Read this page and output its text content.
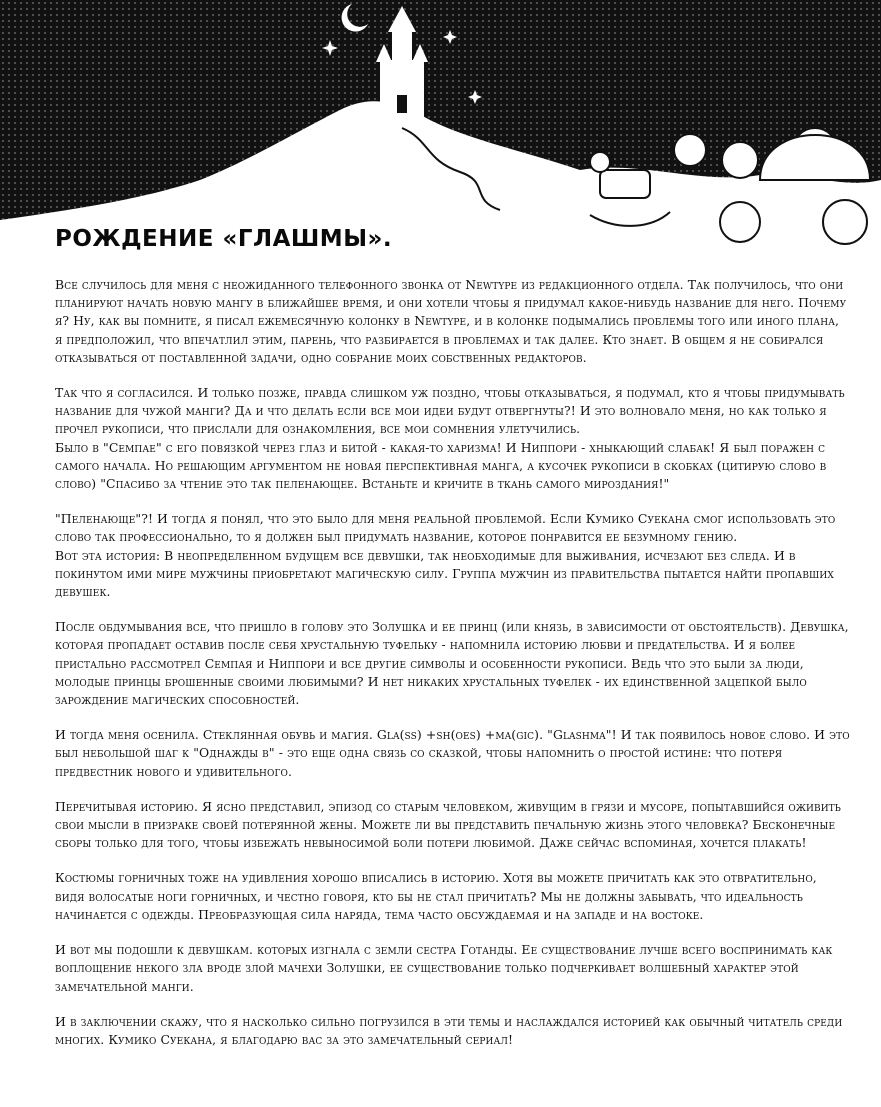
РОЖДЕНИЕ «ГЛАШМЫ».

Все случилось для меня с неожиданного телефонного звонка от Newtype из редакционного отдела. Так получилось, что они планируют начать новую мангу в ближайшее время, и они хотели чтобы я придумал какое-нибудь название для него. Почему я? Ну, как вы помните, я писал ежемесячную колонку в Newtype, и в колонке подымались проблемы того или иного плана, я предположил, что впечатлил этим, парень, что разбирается в проблемах и так далее. Кто знает. В общем я не собирался отказываться от поставленной задачи, одно собрание моих собственных редакторов.

Так что я согласился. И только позже, правда слишком уж поздно, чтобы отказываться, я подумал, кто я чтобы придумывать название для чужой манги? Да и что делать если все мои идеи будут отвергнуты?! И это волновало меня, но как только я прочел рукописи, что прислали для ознакомления, все мои сомнения улетучились.
Было в "Семпае" с его повязкой через глаз и битой - какая-то харизма! И Ниппори - хныкающий слабак! Я был поражен с самого начала. Но решающим аргументом не новая перспективная манга, а кусочек рукописи в скобках (цитирую слово в слово) "Спасибо за чтение это так пеленающее. Встаньте и кричите в ткань самого мироздания!"

"Пеленающе"?! И тогда я понял, что это было для меня реальной проблемой. Если Кумико Суекана смог использовать это слово так профессионально, то я должен был придумать название, которое понравится ее безумному гению.
Вот эта история: В неопределенном будущем все девушки, так необходимые для выживания, исчезают без следа. И в покинутом ими мире мужчины приобретают магическую силу. Группа мужчин из правительства пытается найти пропавших девушек.

После обдумывания все, что пришло в голову это Золушка и ее принц (или князь, в зависимости от обстоятельств). Девушка, которая пропадает оставив после себя хрустальную туфельку - напомнила историю любви и предательства. И я более пристально рассмотрел Семпая и Ниппори и все другие символы и особенности рукописи. Ведь что это были за люди, молодые принцы брошенные своими любимыми? И нет никаких хрустальных туфелек - их единственной зацепкой было зарождение магических способностей.

И тогда меня осенила. Стеклянная обувь и магия. Gla(ss) +sh(oes) +ma(gic). "Glashma"! И так появилось новое слово. И это был небольшой шаг к "Однажды в" - это еще одна связь со сказкой, чтобы напомнить о простой истине: что потеря предвестник нового и удивительного.

Перечитывая историю. Я ясно представил, эпизод со старым человеком, живущим в грязи и мусоре, попытавшийся оживить свои мысли в призраке своей потерянной жены. Можете ли вы представить печальную жизнь этого человека? Бесконечные сборы только для того, чтобы избежать невыносимой боли потери любимой. Даже сейчас вспоминая, хочется плакать!

Костюмы горничных тоже на удивления хорошо вписались в историю. Хотя вы можете причитать как это отвратительно, видя волосатые ноги горничных, и честно говоря, кто бы не стал причитать? Мы не должны забывать, что идеальность начинается с одежды. Преобразующая сила наряда, тема часто обсуждаемая и на западе и на востоке.

И вот мы подошли к девушкам. которых изгнала с земли сестра Готанды. Ее существование лучше всего воспринимать как воплощение некого зла вроде злой мачехи Золушки, ее существование только подчеркивает волшебный характер этой замечательной манги.

И в заключении скажу, что я насколько сильно погрузился в эти темы и наслаждался историей как обычный читатель среди многих. Кумико Суекана, я благодарю вас за это замечательный сериал!
